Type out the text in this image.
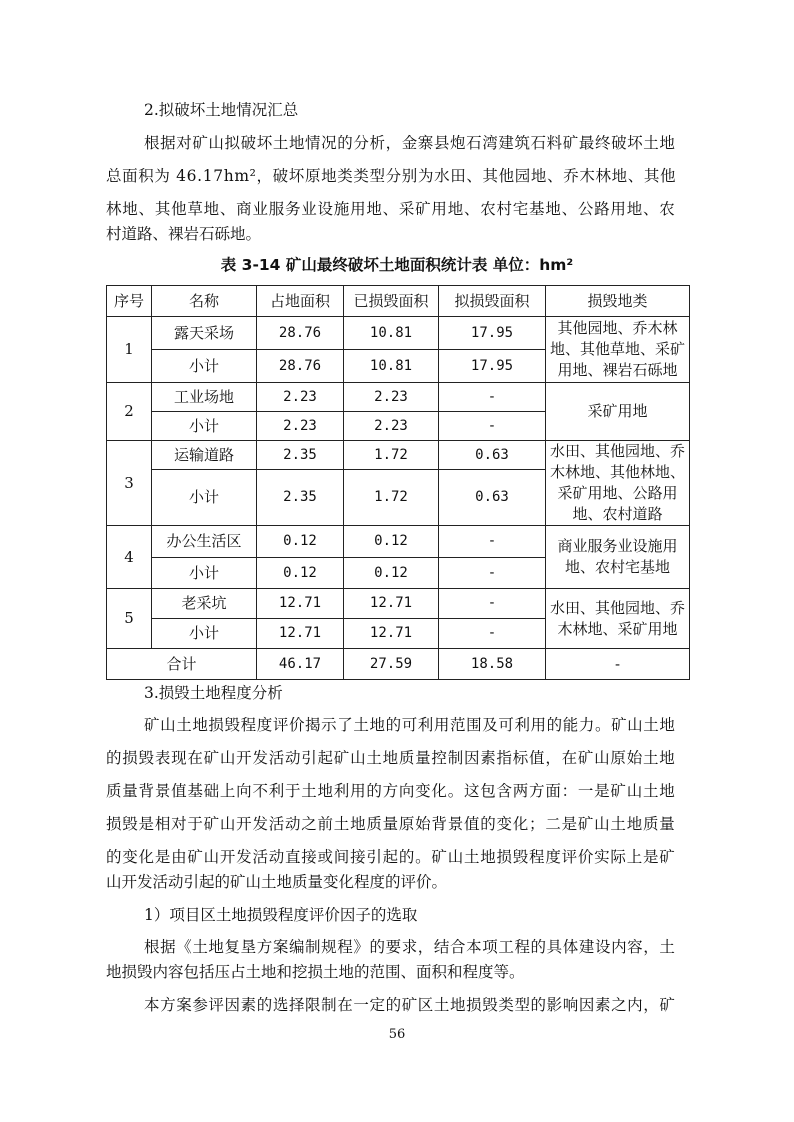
2.拟破坏土地情况汇总
根据对矿山拟破坏土地情况的分析，金寨县炮石湾建筑石料矿最终破坏土地
总面积为 46.17hm²，破坏原地类类型分别为水田、其他园地、乔木林地、其他
林地、其他草地、商业服务业设施用地、采矿用地、农村宅基地、公路用地、农
村道路、裸岩石砾地。
表 3-14 矿山最终破坏土地面积统计表 单位：hm²
序号	名称	占地面积	已损毁面积	拟损毁面积	损毁地类
1	露天采场	28.76	10.81	17.95	其他园地、乔木林地、其他草地、采矿用地、裸岩石砾地
	小计	28.76	10.81	17.95	
2	工业场地	2.23	2.23	-	采矿用地
	小计	2.23	2.23	-	
3	运输道路	2.35	1.72	0.63	水田、其他园地、乔木林地、其他林地、采矿用地、公路用地、农村道路
	小计	2.35	1.72	0.63	
4	办公生活区	0.12	0.12	-	商业服务业设施用地、农村宅基地
	小计	0.12	0.12	-	
5	老采坑	12.71	12.71	-	水田、其他园地、乔木林地、采矿用地
	小计	12.71	12.71	-	
合计		46.17	27.59	18.58	-
3.损毁土地程度分析
矿山土地损毁程度评价揭示了土地的可利用范围及可利用的能力。矿山土地
的损毁表现在矿山开发活动引起矿山土地质量控制因素指标值，在矿山原始土地
质量背景值基础上向不利于土地利用的方向变化。这包含两方面：一是矿山土地
损毁是相对于矿山开发活动之前土地质量原始背景值的变化；二是矿山土地质量
的变化是由矿山开发活动直接或间接引起的。矿山土地损毁程度评价实际上是矿
山开发活动引起的矿山土地质量变化程度的评价。
1）项目区土地损毁程度评价因子的选取
根据《土地复垦方案编制规程》的要求，结合本项工程的具体建设内容，土
地损毁内容包括压占土地和挖损土地的范围、面积和程度等。
本方案参评因素的选择限制在一定的矿区土地损毁类型的影响因素之内，矿
56
